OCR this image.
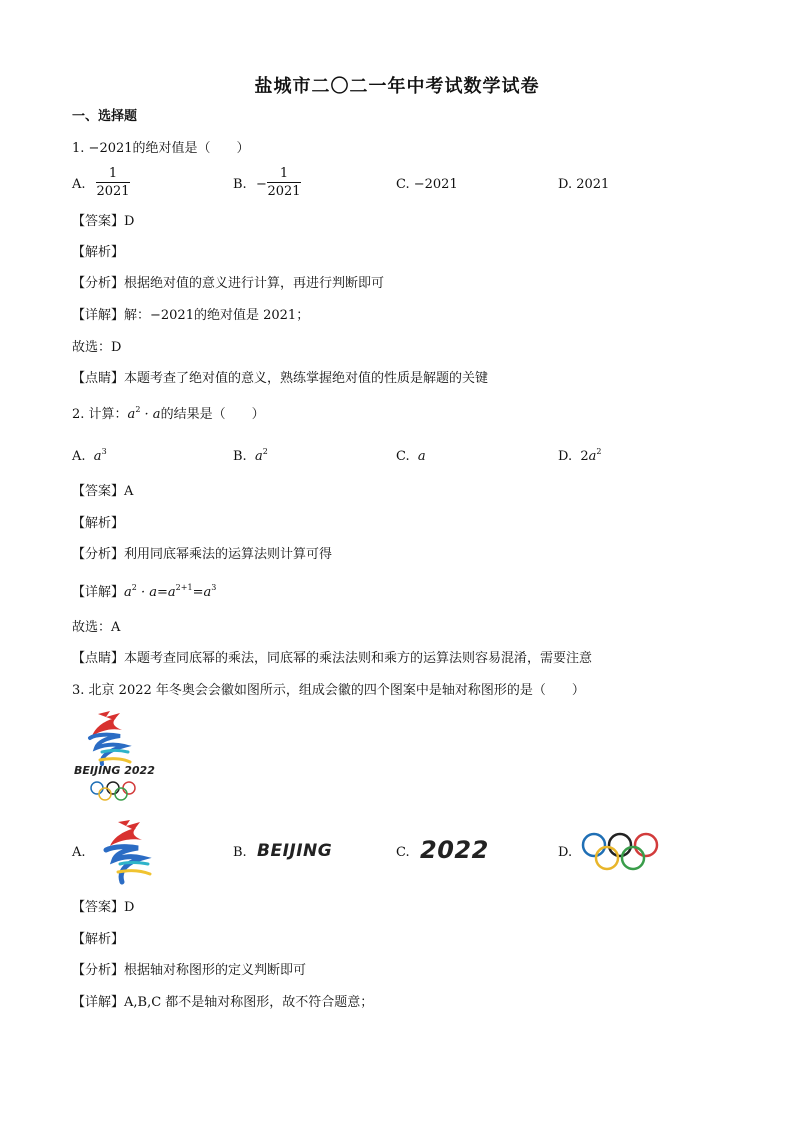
盐城市二〇二一年中考试数学试卷
一、选择题
1. −2021的绝对值是（　　）
A. $\frac{1}{2021}$	B. − $\frac{1}{2021}$	C. −2021	D. 2021
【答案】D
【解析】
【分析】根据绝对值的意义进行计算，再进行判断即可
【详解】解：−2021的绝对值是 2021；
故选：D
【点睛】本题考查了绝对值的意义，熟练掌握绝对值的性质是解题的关键
2. 计算：$a^2 \cdot a$的结果是（　　）
A. $a^3$	B. $a^2$	C. a	D. $2a^2$
【答案】A
【解析】
【分析】利用同底幂乘法的运算法则计算可得
【详解】$a^2 \cdot a=a^{2+1}=a^3$
故选：A
【点睛】本题考查同底幂的乘法，同底幂的乘法法则和乘方的运算法则容易混淆，需要注意
3. 北京 2022 年冬奥会会徽如图所示，组成会徽的四个图案中是轴对称图形的是（　　）
BEIJING 2022
A.	B. BEIJING	C. 2022	D.
【答案】D
【解析】
【分析】根据轴对称图形的定义判断即可
【详解】A,B,C 都不是轴对称图形，故不符合题意；
